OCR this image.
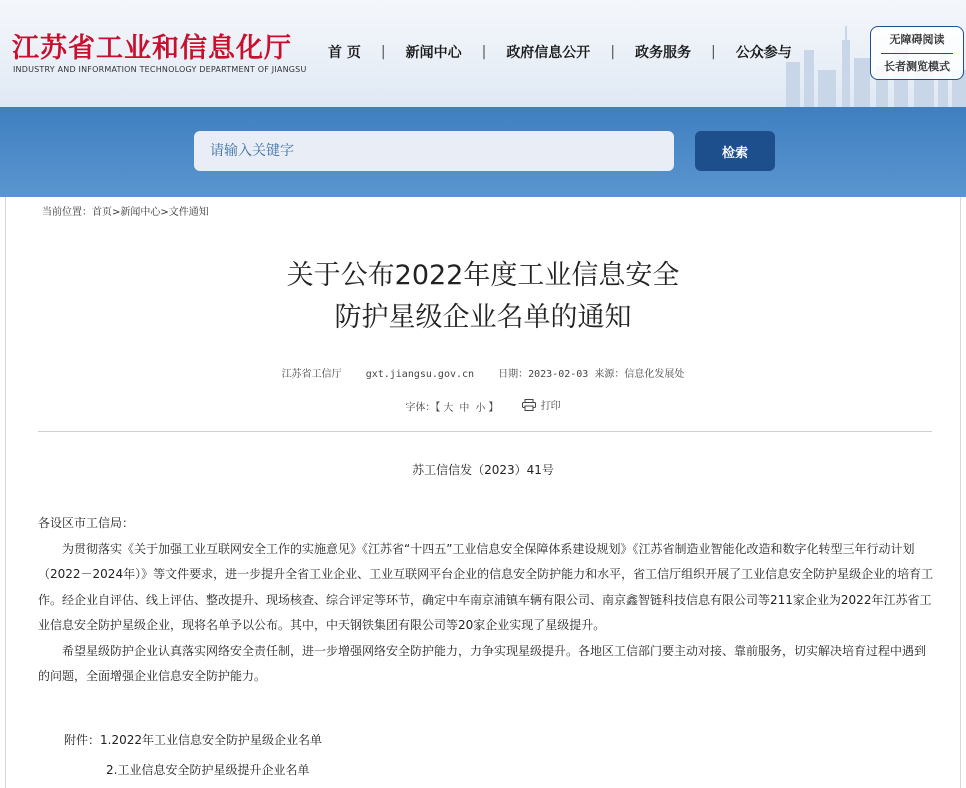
江苏省工业和信息化厅
INDUSTRY AND INFORMATION TECHNOLOGY DEPARTMENT OF JIANGSU
首 页 | 新闻中心 | 政府信息公开 | 政务服务 | 公众参与
无障碍阅读
长者测览模式
请输入关键字
检索
当前位置：首页>新闻中心>文件通知
关于公布2022年度工业信息安全
防护星级企业名单的通知
江苏省工信厅 gxt.jiangsu.gov.cn 日期：2023-02-03 来源：信息化发展处
字体：【 大 中 小 】	打印
苏工信信发（2023）41号

各设区市工信局：

为贯彻落实《关于加强工业互联网安全工作的实施意见》《江苏省“十四五”工业信息安全保障体系建设规划》《江苏省制造业智能化改造和数字化转型三年行动计划（2022－2024年）》等文件要求，进一步提升全省工业企业、工业互联网平台企业的信息安全防护能力和水平，省工信厅组织开展了工业信息安全防护星级企业的培育工作。经企业自评估、线上评估、整改提升、现场核查、综合评定等环节，确定中车南京浦镇车辆有限公司、南京鑫智链科技信息有限公司等211家企业为2022年江苏省工业信息安全防护星级企业，现将名单予以公布。其中，中天钢铁集团有限公司等20家企业实现了星级提升。

希望星级防护企业认真落实网络安全责任制，进一步增强网络安全防护能力，力争实现星级提升。各地区工信部门要主动对接、靠前服务，切实解决培育过程中遇到的问题，全面增强企业信息安全防护能力。

附件：1.2022年工业信息安全防护星级企业名单
2.工业信息安全防护星级提升企业名单
